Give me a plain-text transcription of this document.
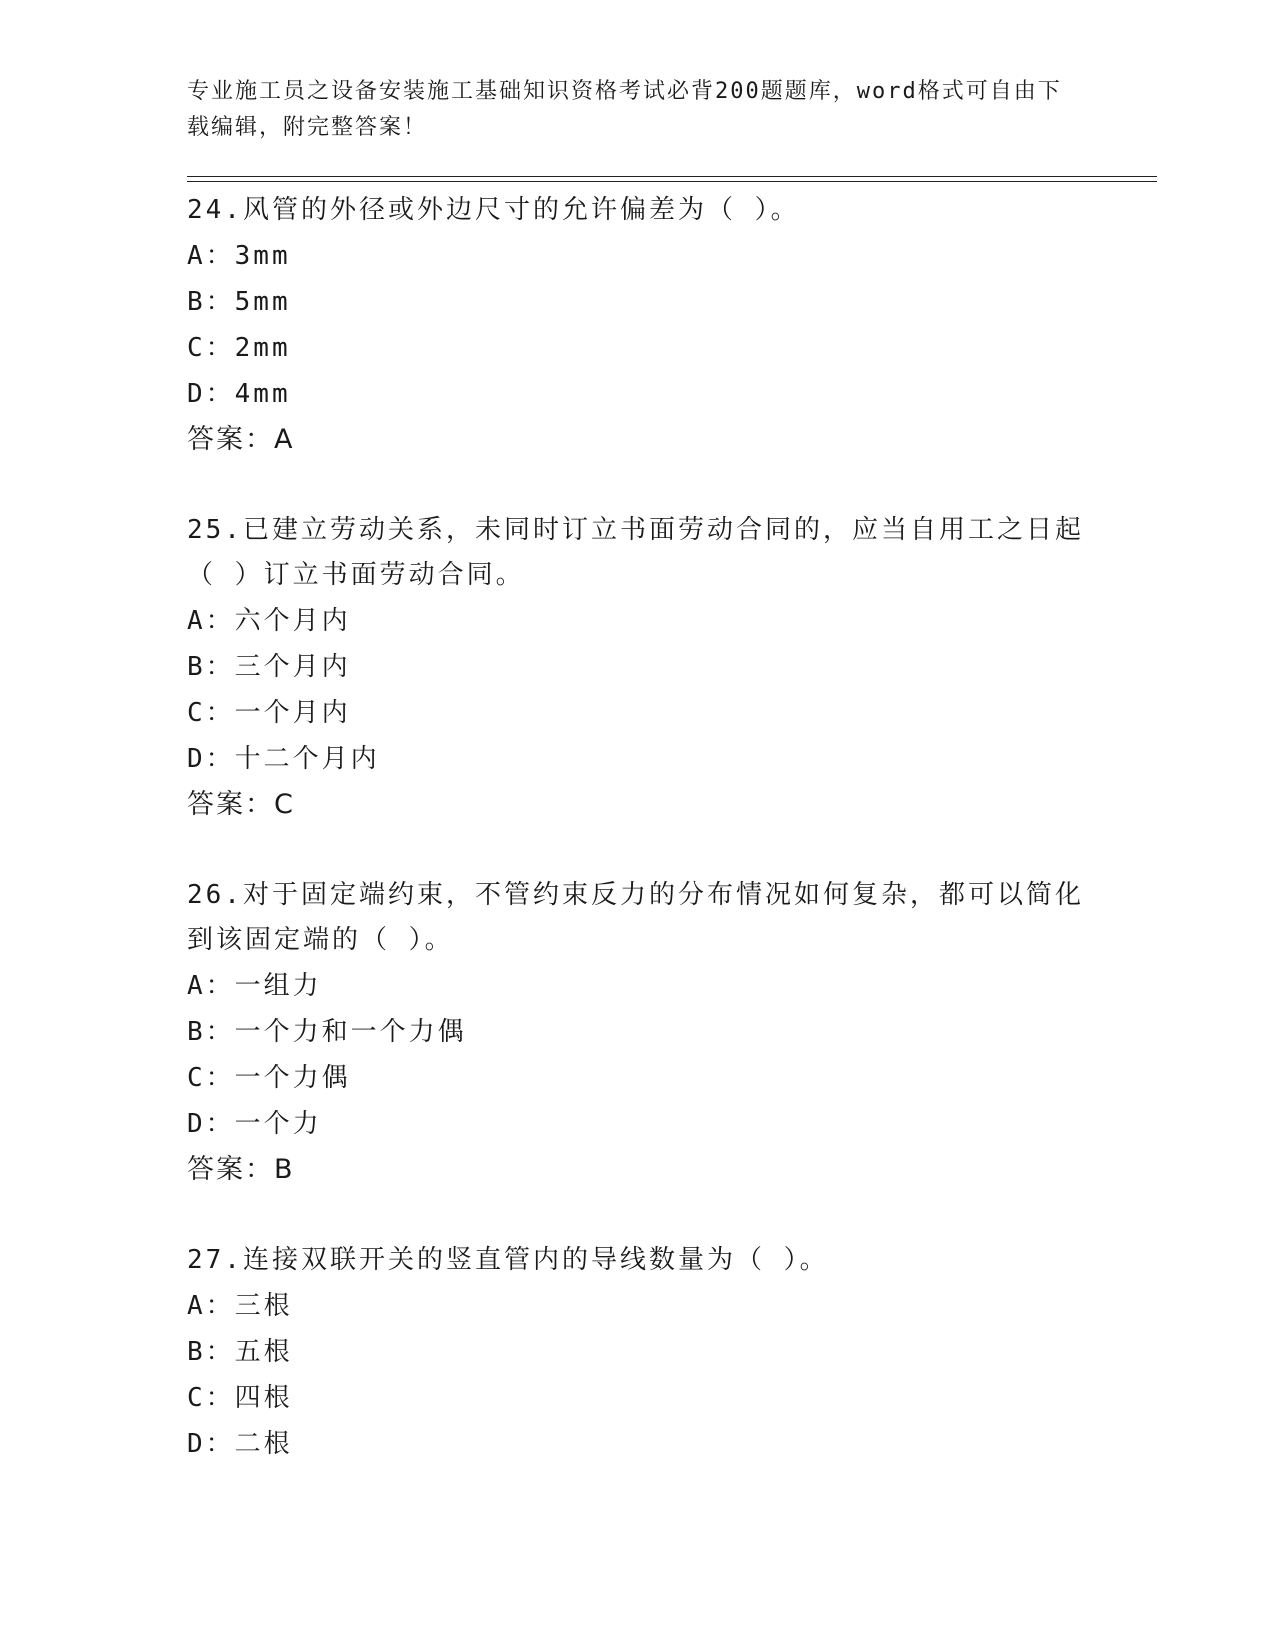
专业施工员之设备安装施工基础知识资格考试必背200题题库，word格式可自由下载编辑，附完整答案！

24.风管的外径或外边尺寸的允许偏差为（ ）。

A：3mm

B：5mm

C：2mm

D：4mm

答案：A

25.已建立劳动关系，未同时订立书面劳动合同的，应当自用工之日起（ ）订立书面劳动合同。

A：六个月内

B：三个月内

C：一个月内

D：十二个月内

答案：C

26.对于固定端约束，不管约束反力的分布情况如何复杂，都可以简化到该固定端的（ ）。

A：一组力

B：一个力和一个力偶

C：一个力偶

D：一个力

答案：B

27.连接双联开关的竖直管内的导线数量为（ ）。

A：三根

B：五根

C：四根

D：二根
